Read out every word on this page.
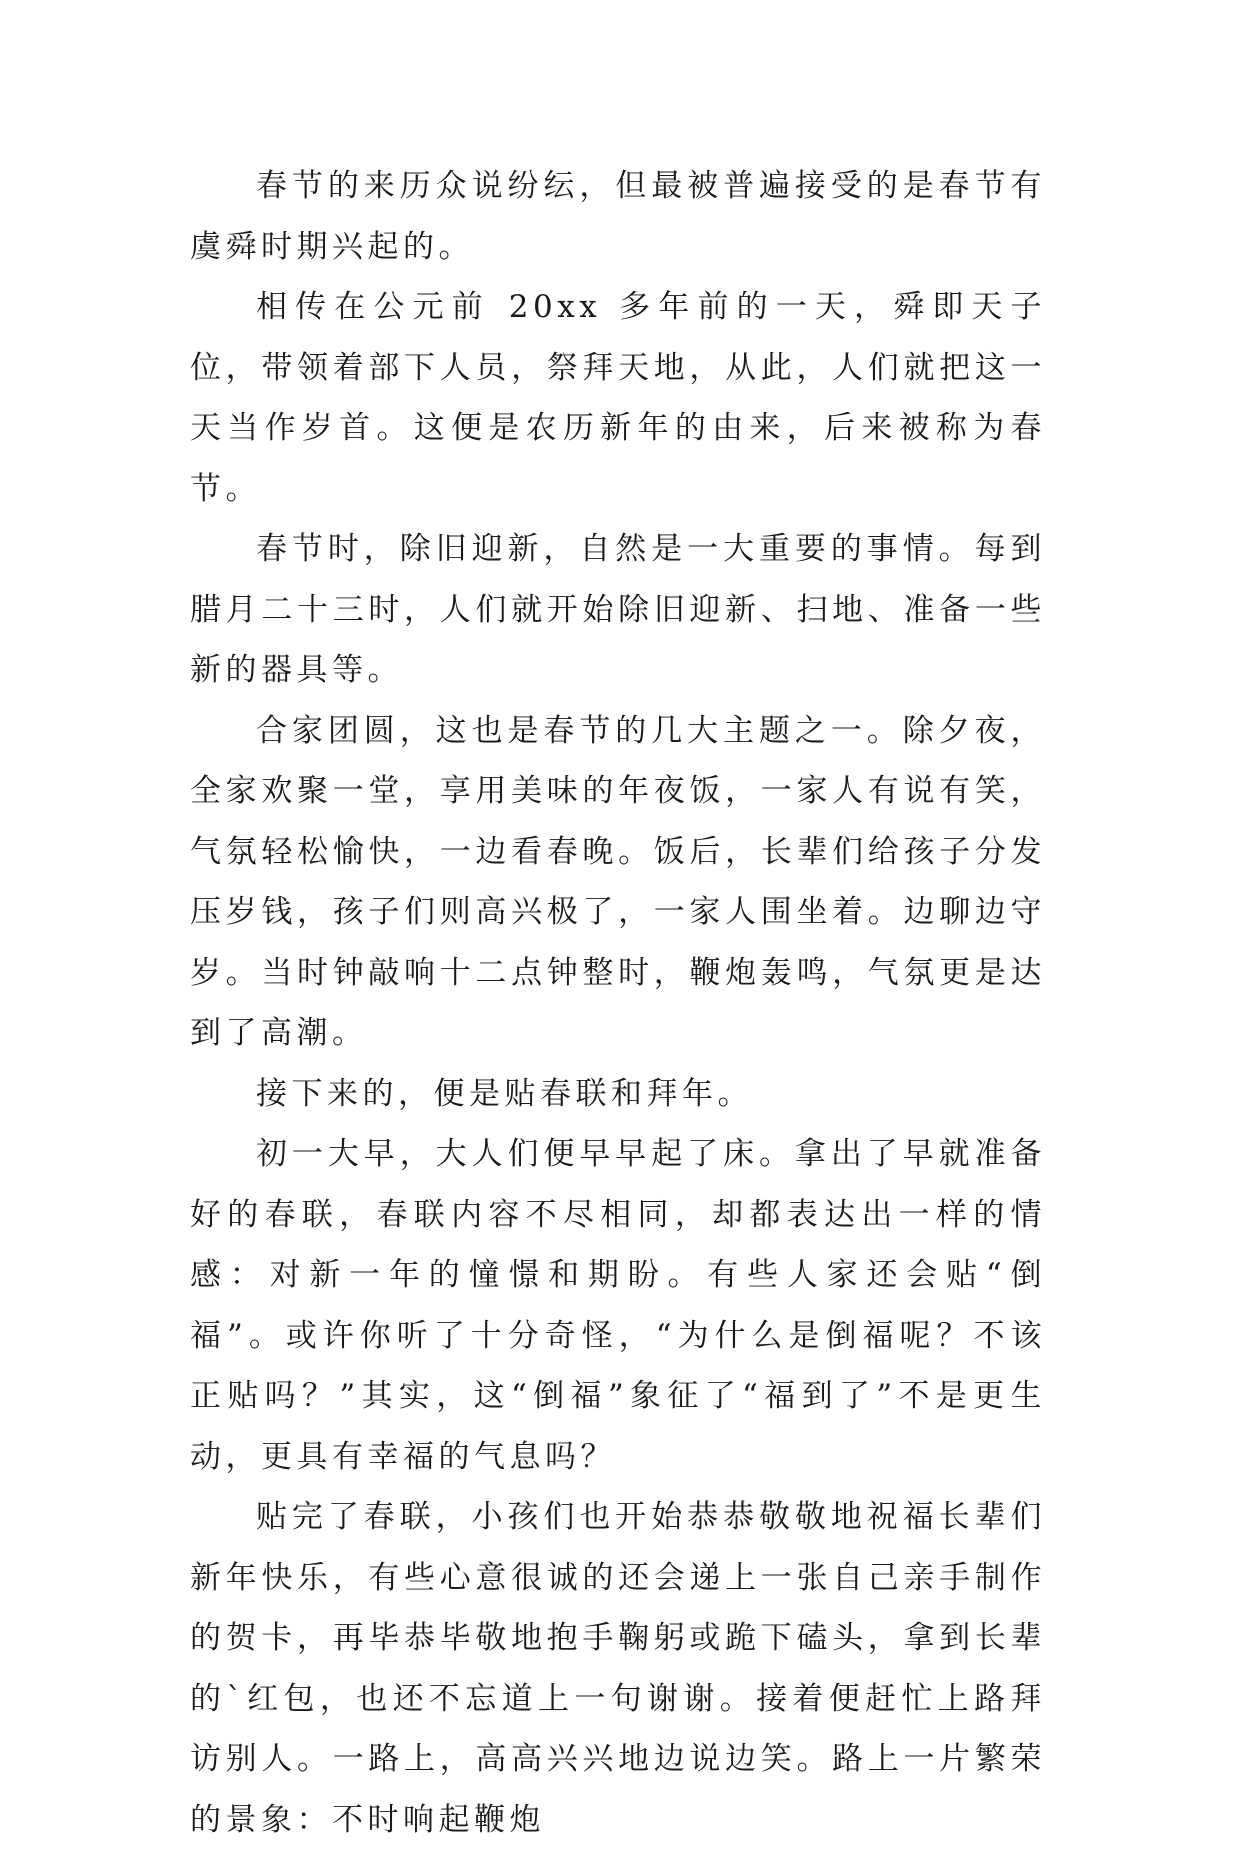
春节的来历众说纷纭，但最被普遍接受的是春节有虞舜时期兴起的。

相传在公元前 20xx 多年前的一天，舜即天子位，带领着部下人员，祭拜天地，从此，人们就把这一天当作岁首。这便是农历新年的由来，后来被称为春节。

春节时，除旧迎新，自然是一大重要的事情。每到腊月二十三时，人们就开始除旧迎新、扫地、准备一些新的器具等。

合家团圆，这也是春节的几大主题之一。除夕夜，全家欢聚一堂，享用美味的年夜饭，一家人有说有笑，气氛轻松愉快，一边看春晚。饭后，长辈们给孩子分发压岁钱，孩子们则高兴极了，一家人围坐着。边聊边守岁。当时钟敲响十二点钟整时，鞭炮轰鸣，气氛更是达到了高潮。

接下来的，便是贴春联和拜年。

初一大早，大人们便早早起了床。拿出了早就准备好的春联，春联内容不尽相同，却都表达出一样的情感：对新一年的憧憬和期盼。有些人家还会贴“倒福”。或许你听了十分奇怪，“为什么是倒福呢？不该正贴吗？”其实，这“倒福”象征了“福到了”不是更生动，更具有幸福的气息吗？

贴完了春联，小孩们也开始恭恭敬敬地祝福长辈们新年快乐，有些心意很诚的还会递上一张自己亲手制作的贺卡，再毕恭毕敬地抱手鞠躬或跪下磕头，拿到长辈的`红包，也还不忘道上一句谢谢。接着便赶忙上路拜访别人。一路上，高高兴兴地边说边笑。路上一片繁荣的景象：不时响起鞭炮
